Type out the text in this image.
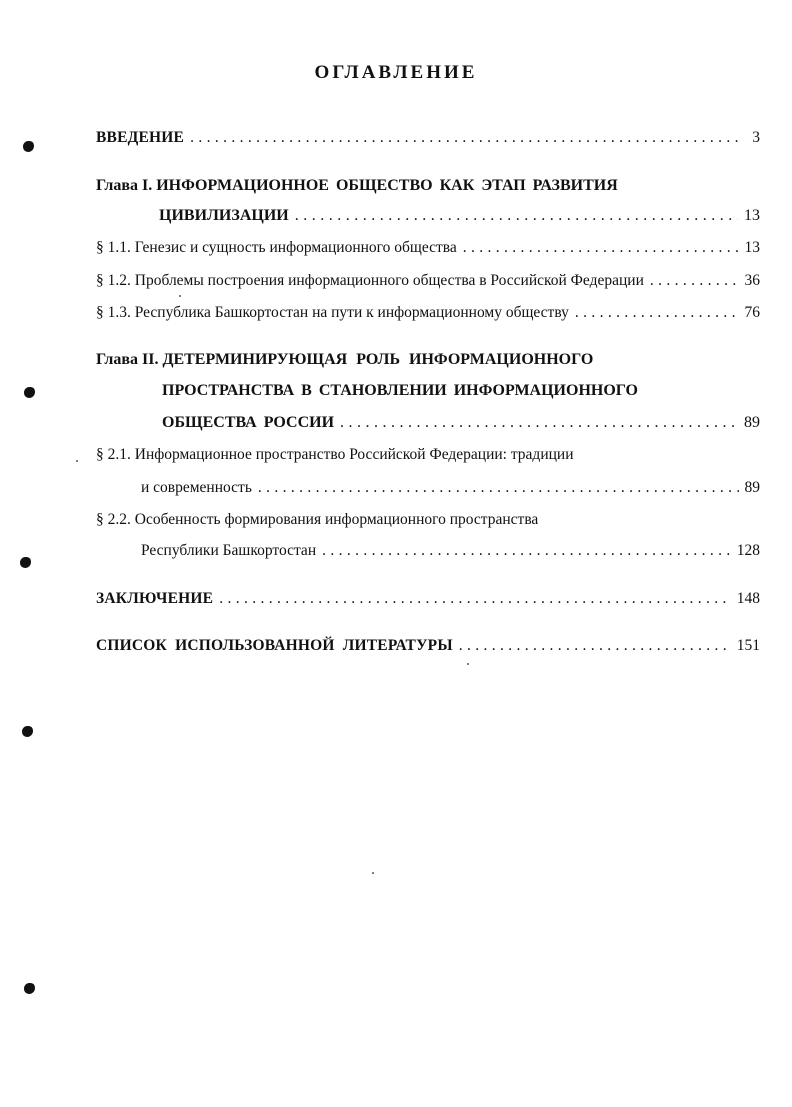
ОГЛАВЛЕНИЕ
ВВЕДЕНИЕ . . .	3
Глава I. ИНФОРМАЦИОННОЕ ОБЩЕСТВО КАК ЭТАП РАЗВИТИЯ
ЦИВИЛИЗАЦИИ . . .	13
§ 1.1. Генезис и сущность информационного общества . . .	13
§ 1.2. Проблемы построения информационного общества в Российской Федерации . . .	36
§ 1.3. Республика Башкортостан на пути к информационному обществу . . .	76
Глава II. ДЕТЕРМИНИРУЮЩАЯ РОЛЬ ИНФОРМАЦИОННОГО
ПРОСТРАНСТВА В СТАНОВЛЕНИИ ИНФОРМАЦИОННОГО
ОБЩЕСТВА РОССИИ . . .	89
§ 2.1. Информационное пространство Российской Федерации: традиции
и современность . . .	89
§ 2.2. Особенность формирования информационного пространства
Республики Башкортостан . . .	128
ЗАКЛЮЧЕНИЕ . . .	148
СПИСОК ИСПОЛЬЗОВАННОЙ ЛИТЕРАТУРЫ . . .	151
